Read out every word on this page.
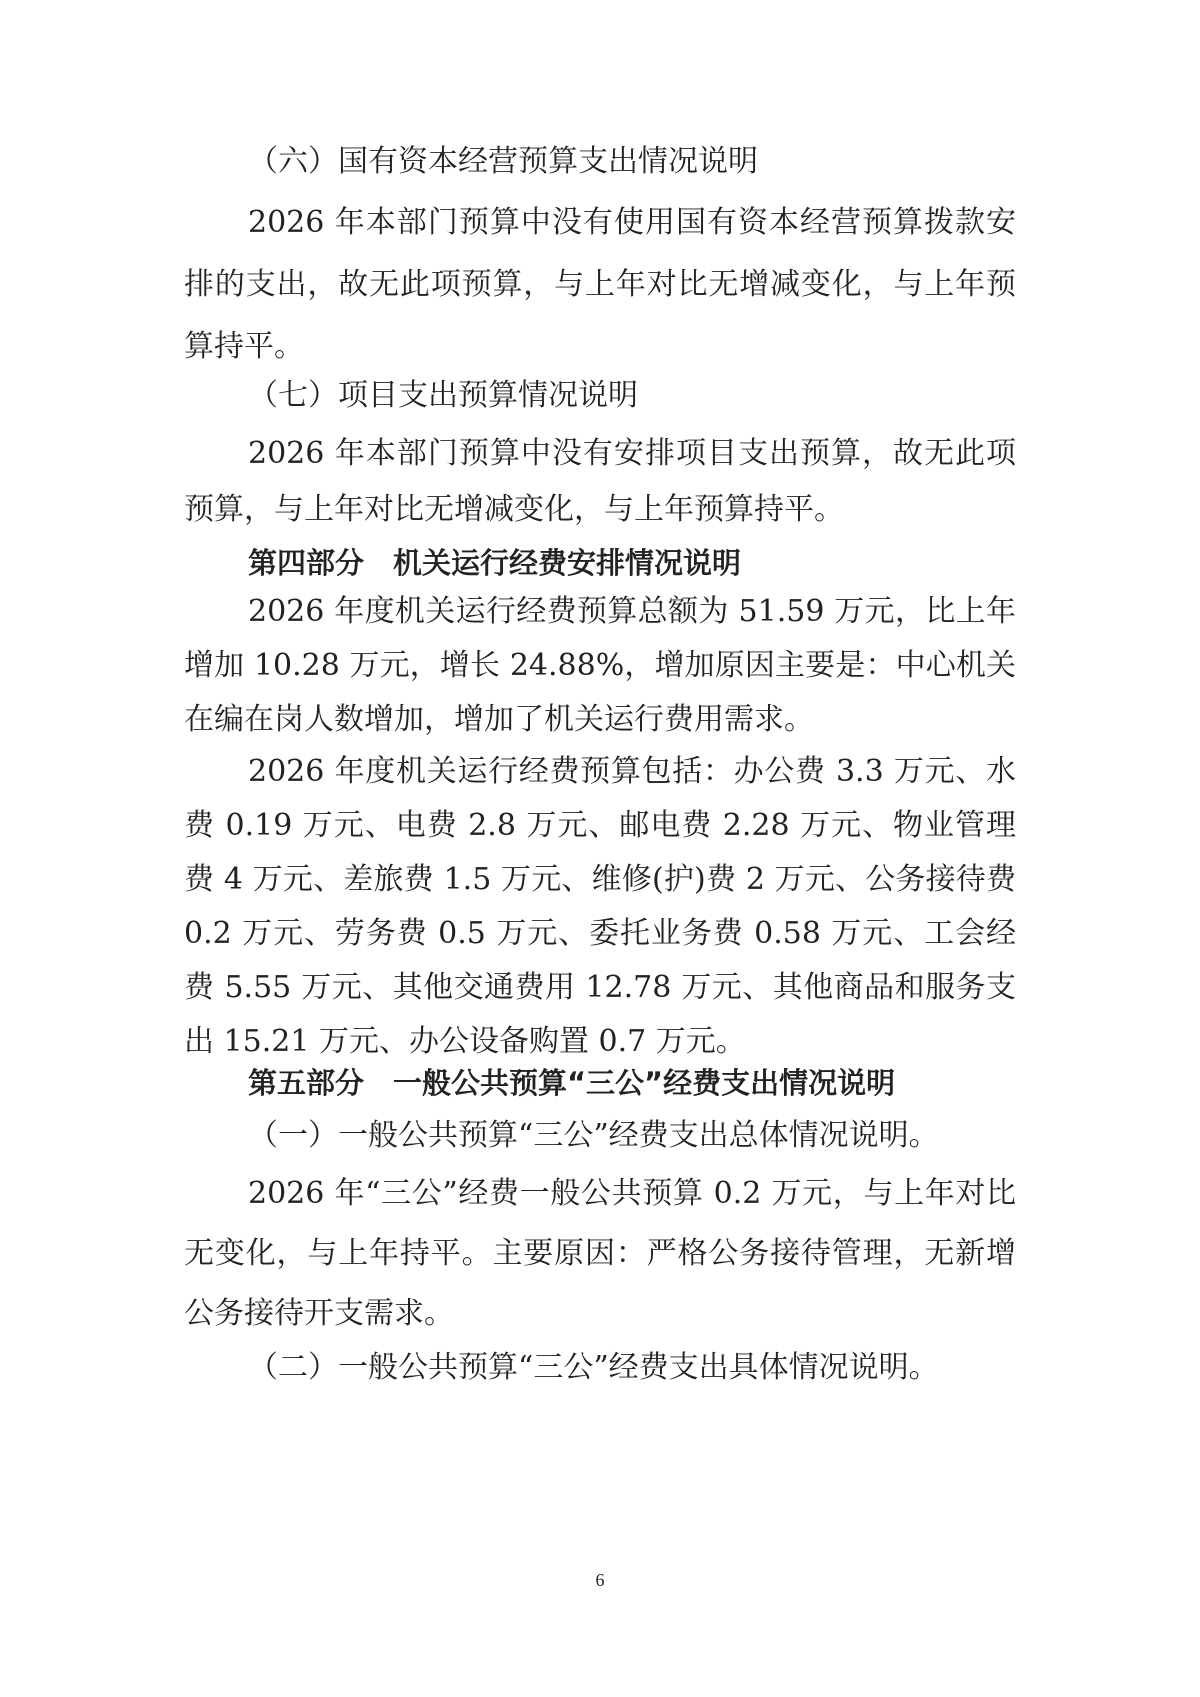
（六）国有资本经营预算支出情况说明

2026 年本部门预算中没有使用国有资本经营预算拨款安排的支出，故无此项预算，与上年对比无增减变化，与上年预算持平。

（七）项目支出预算情况说明

2026 年本部门预算中没有安排项目支出预算，故无此项预算，与上年对比无增减变化，与上年预算持平。

第四部分　机关运行经费安排情况说明

2026 年度机关运行经费预算总额为 51.59 万元，比上年增加 10.28 万元，增长 24.88%，增加原因主要是：中心机关在编在岗人数增加，增加了机关运行费用需求。

2026 年度机关运行经费预算包括：办公费 3.3 万元、水费 0.19 万元、电费 2.8 万元、邮电费 2.28 万元、物业管理费 4 万元、差旅费 1.5 万元、维修(护)费 2 万元、公务接待费 0.2 万元、劳务费 0.5 万元、委托业务费 0.58 万元、工会经费 5.55 万元、其他交通费用 12.78 万元、其他商品和服务支出 15.21 万元、办公设备购置 0.7 万元。

第五部分　一般公共预算“三公”经费支出情况说明

（一）一般公共预算“三公”经费支出总体情况说明。

2026 年“三公”经费一般公共预算 0.2 万元，与上年对比无变化，与上年持平。主要原因：严格公务接待管理，无新增公务接待开支需求。

（二）一般公共预算“三公”经费支出具体情况说明。

6
